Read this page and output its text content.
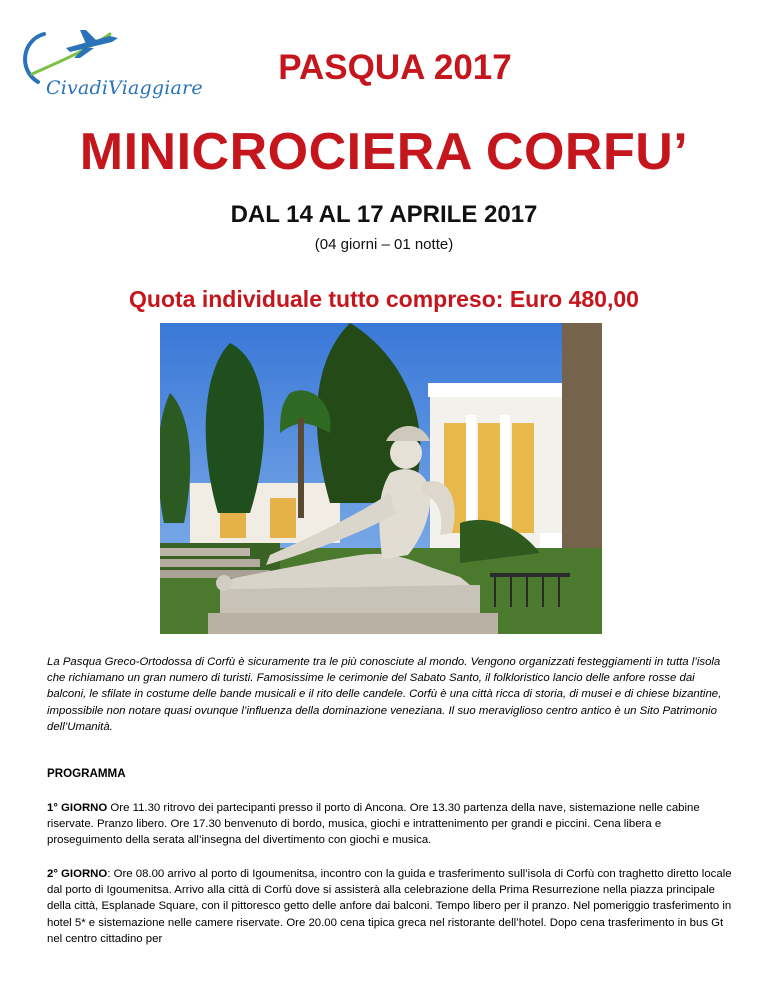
CivadiViaggiare
PASQUA 2017
MINICROCIERA CORFU’
DAL 14 AL 17 APRILE 2017
(04 giorni – 01 notte)
Quota individuale tutto compreso: Euro 480,00
La Pasqua Greco-Ortodossa di Corfù è sicuramente tra le più conosciute al mondo. Vengono organizzati festeggiamenti in tutta l’isola che richiamano un gran numero di turisti. Famosissime le cerimonie del Sabato Santo, il folkloristico lancio delle anfore rosse dai balconi, le sfilate in costume delle bande musicali e il rito delle candele. Corfù è una città ricca di storia, di musei e di chiese bizantine, impossibile non notare quasi ovunque l’influenza della dominazione veneziana. Il suo meraviglioso centro antico è un Sito Patrimonio dell’Umanità.
PROGRAMMA
1° GIORNO Ore 11.30 ritrovo dei partecipanti presso il porto di Ancona. Ore 13.30 partenza della nave, sistemazione nelle cabine riservate. Pranzo libero. Ore 17.30 benvenuto di bordo, musica, giochi e intrattenimento per grandi e piccini. Cena libera e proseguimento della serata all’insegna del divertimento con giochi e musica.
2° GIORNO: Ore 08.00 arrivo al porto di Igoumenitsa, incontro con la guida e trasferimento sull’isola di Corfù con traghetto diretto locale dal porto di Igoumenitsa. Arrivo alla città di Corfù dove si assisterà alla celebrazione della Prima Resurrezione nella piazza principale della città, Esplanade Square, con il pittoresco getto delle anfore dai balconi. Tempo libero per il pranzo. Nel pomeriggio trasferimento in hotel 5* e sistemazione nelle camere riservate. Ore 20.00 cena tipica greca nel ristorante dell’hotel. Dopo cena trasferimento in bus Gt nel centro cittadino per
